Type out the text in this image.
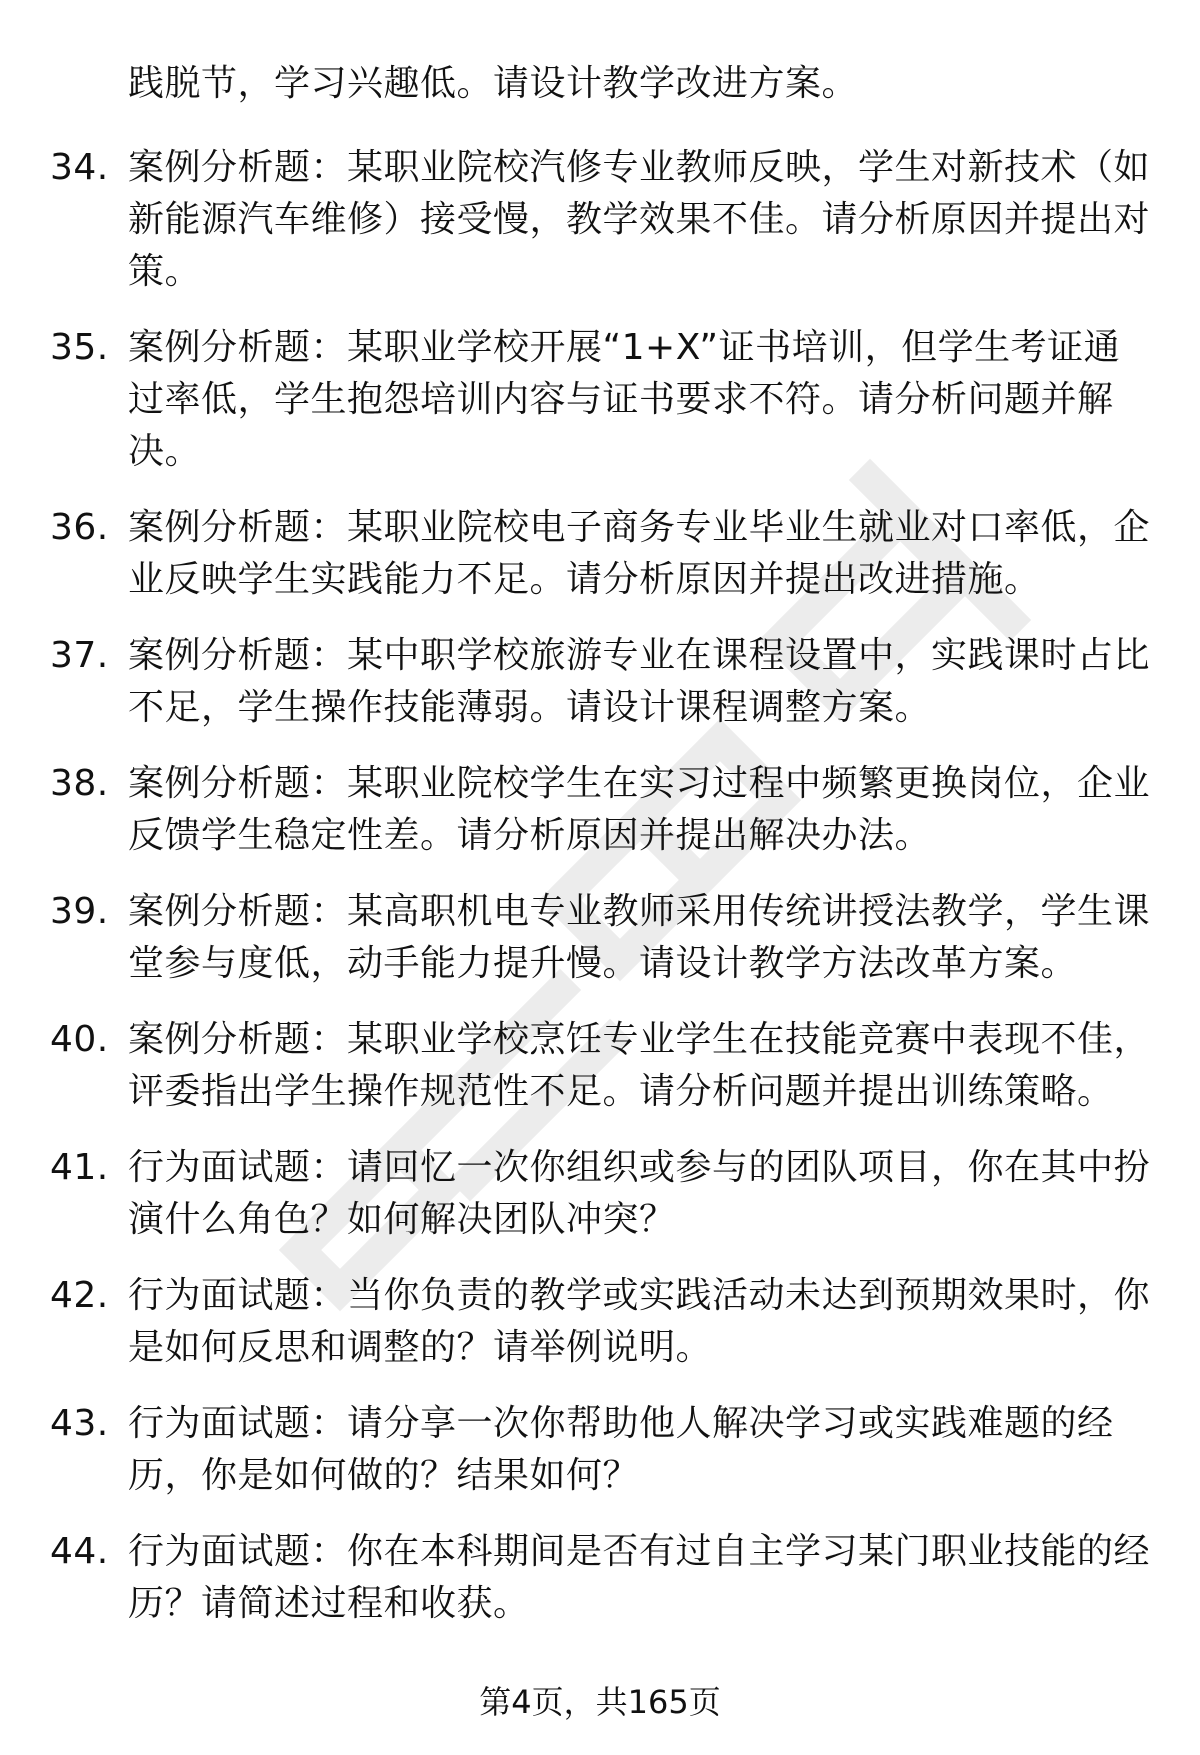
践脱节，学习兴趣低。请设计教学改进方案。
34. 案例分析题：某职业院校汽修专业教师反映，学生对新技术（如
新能源汽车维修）接受慢，教学效果不佳。请分析原因并提出对
策。
35. 案例分析题：某职业学校开展“1+X”证书培训，但学生考证通
过率低，学生抱怨培训内容与证书要求不符。请分析问题并解
决。
36. 案例分析题：某职业院校电子商务专业毕业生就业对口率低，企
业反映学生实践能力不足。请分析原因并提出改进措施。
37. 案例分析题：某中职学校旅游专业在课程设置中，实践课时占比
不足，学生操作技能薄弱。请设计课程调整方案。
38. 案例分析题：某职业院校学生在实习过程中频繁更换岗位，企业
反馈学生稳定性差。请分析原因并提出解决办法。
39. 案例分析题：某高职机电专业教师采用传统讲授法教学，学生课
堂参与度低，动手能力提升慢。请设计教学方法改革方案。
40. 案例分析题：某职业学校烹饪专业学生在技能竞赛中表现不佳，
评委指出学生操作规范性不足。请分析问题并提出训练策略。
41. 行为面试题：请回忆一次你组织或参与的团队项目，你在其中扮
演什么角色？如何解决团队冲突？
42. 行为面试题：当你负责的教学或实践活动未达到预期效果时，你
是如何反思和调整的？请举例说明。
43. 行为面试题：请分享一次你帮助他人解决学习或实践难题的经
历，你是如何做的？结果如何？
44. 行为面试题：你在本科期间是否有过自主学习某门职业技能的经
历？请简述过程和收获。
第4页，共165页
